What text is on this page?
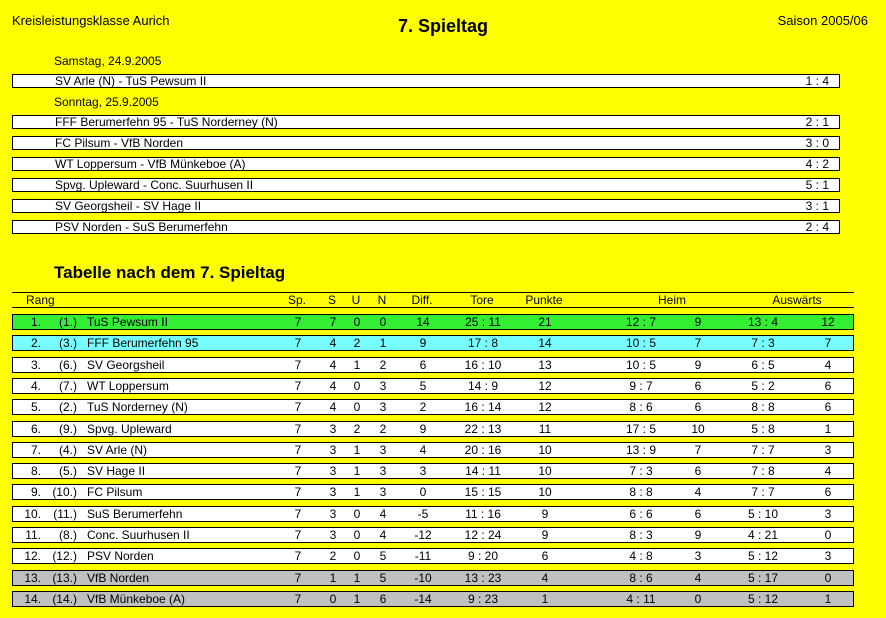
Kreisleistungsklasse Aurich	7. Spieltag	Saison 2005/06
Samstag, 24.9.2005
SV Arle (N) - TuS Pewsum II	1 : 4
Sonntag, 25.9.2005
FFF Berumerfehn 95 - TuS Norderney (N)	2 : 1
FC Pilsum - VfB Norden	3 : 0
WT Loppersum - VfB Münkeboe (A)	4 : 2
Spvg. Upleward - Conc. Suurhusen II	5 : 1
SV Georgsheil - SV Hage II	3 : 1
PSV Norden - SuS Berumerfehn	2 : 4
Tabelle nach dem 7. Spieltag
Rang	Sp.	S	U	N	Diff.	Tore	Punkte	Heim	Auswärts
1.	(1.) TuS Pewsum II	7	7	0	0	14	25 : 11	21	12 : 7	9	13 : 4	12
2.	(3.) FFF Berumerfehn 95	7	4	2	1	9	17 : 8	14	10 : 5	7	7 : 3	7
3.	(6.) SV Georgsheil	7	4	1	2	6	16 : 10	13	10 : 5	9	6 : 5	4
4.	(7.) WT Loppersum	7	4	0	3	5	14 : 9	12	9 : 7	6	5 : 2	6
5.	(2.) TuS Norderney (N)	7	4	0	3	2	16 : 14	12	8 : 6	6	8 : 8	6
6.	(9.) Spvg. Upleward	7	3	2	2	9	22 : 13	11	17 : 5	10	5 : 8	1
7.	(4.) SV Arle (N)	7	3	1	3	4	20 : 16	10	13 : 9	7	7 : 7	3
8.	(5.) SV Hage II	7	3	1	3	3	14 : 11	10	7 : 3	6	7 : 8	4
9. (10.) FC Pilsum	7	3	1	3	0	15 : 15	10	8 : 8	4	7 : 7	6
10.	(11.) SuS Berumerfehn	7	3	0	4	-5	11 : 16	9	6 : 6	6	5 : 10	3
11.	(8.) Conc. Suurhusen II	7	3	0	4	-12	12 : 24	9	8 : 3	9	4 : 21	0
12. (12.) PSV Norden	7	2	0	5	-11	9 : 20	6	4 : 8	3	5 : 12	3
13. (13.) VfB Norden	7	1	1	5	-10	13 : 23	4	8 : 6	4	5 : 17	0
14. (14.) VfB Münkeboe (A)	7	0	1	6	-14	9 : 23	1	4 : 11	0	5 : 12	1
